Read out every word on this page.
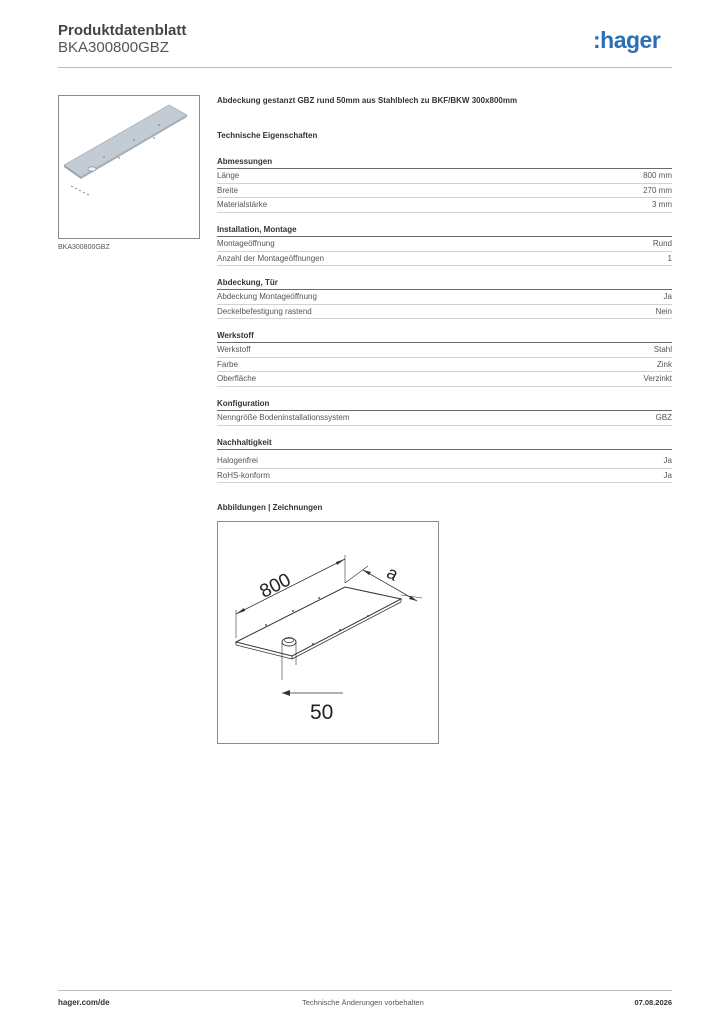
Produktdatenblatt
BKA300800GBZ	:hager
BKA300800GBZ
Abdeckung gestanzt GBZ rund 50mm aus Stahlblech zu BKF/BKW 300x800mm
Technische Eigenschaften
Abmessungen
Länge	800 mm
Breite	270 mm
Materialstärke	3 mm
Installation, Montage
Montageöffnung	Rund
Anzahl der Montageöffnungen	1
Abdeckung, Tür
Abdeckung Montageöffnung	Ja
Deckelbefestigung rastend	Nein
Werkstoff
Werkstoff	Stahl
Farbe	Zink
Oberfläche	Verzinkt
Konfiguration
Nenngröße Bodeninstallationssystem	GBZ
Nachhaltigkeit
Halogenfrei	Ja
RoHS-konform	Ja
Abbildungen | Zeichnungen
800	a
50
hager.com/de	Technische Änderungen vorbehalten	07.08.2026
